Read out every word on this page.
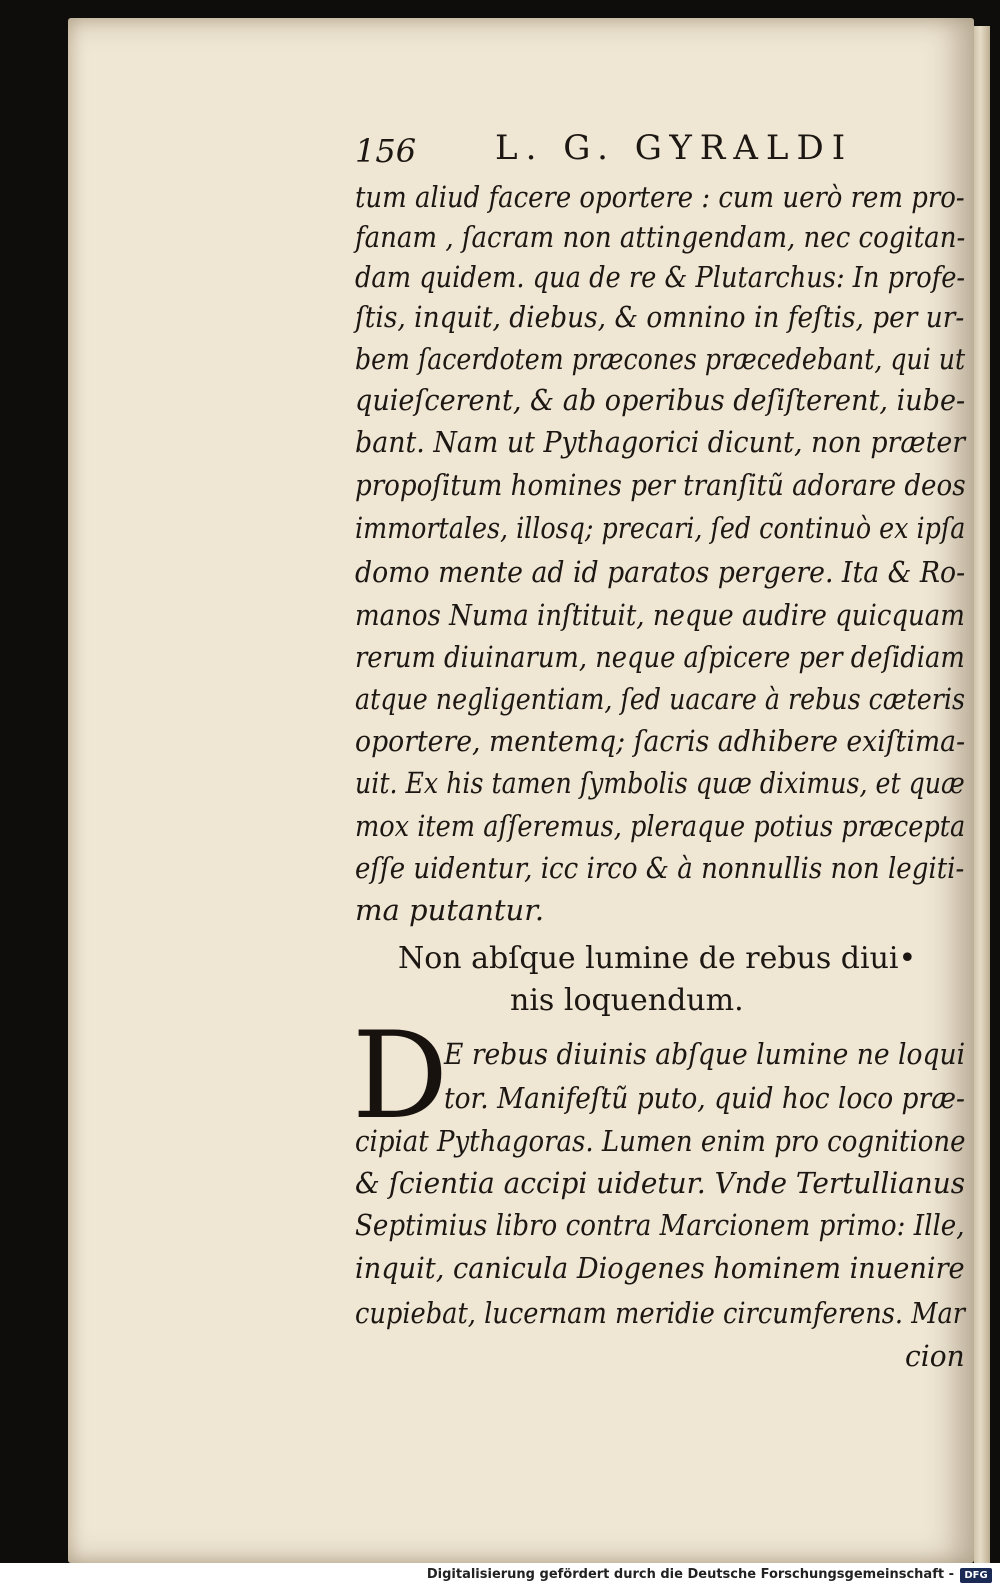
156 L. G. GYRALDI
tum aliud facere oportere : cum uerò rem pro-
fanam , ſacram non attingendam, nec cogitan-
dam quidem. qua de re & Plutarchus: In profe-
ſtis, inquit, diebus, & omnino in feſtis, per ur-
bem ſacerdotem præcones præcedebant, qui ut
quieſcerent, & ab operibus deſiſterent, iube-
bant. Nam ut Pythagorici dicunt, non præter
propoſitum homines per tranſitũ adorare deos
immortales, illosq; precari, ſed continuò ex ipſa
domo mente ad id paratos pergere. Ita & Ro-
manos Numa inſtituit, neque audire quicquam
rerum diuinarum, neque aſpicere per deſidiam
atque negligentiam, ſed uacare à rebus cæteris
oportere, mentemq; ſacris adhibere exiſtima-
uit. Ex his tamen ſymbolis quæ diximus, et quæ
mox item aſſeremus, pleraque potius præcepta
eſſe uidentur, icc irco & à nonnullis non legiti-
ma putantur.
Non abſque lumine de rebus diui•
nis loquendum.
D
E rebus diuinis abſque lumine ne loqui
tor. Manifeſtũ puto, quid hoc loco præ-
cipiat Pythagoras. Lumen enim pro cognitione
& ſcientia accipi uidetur. Vnde Tertullianus
Septimius libro contra Marcionem primo: Ille,
inquit, canicula Diogenes hominem inuenire
cupiebat, lucernam meridie circumferens. Mar
cion
Digitalisierung gefördert durch die Deutsche Forschungsgemeinschaft -	DFG
